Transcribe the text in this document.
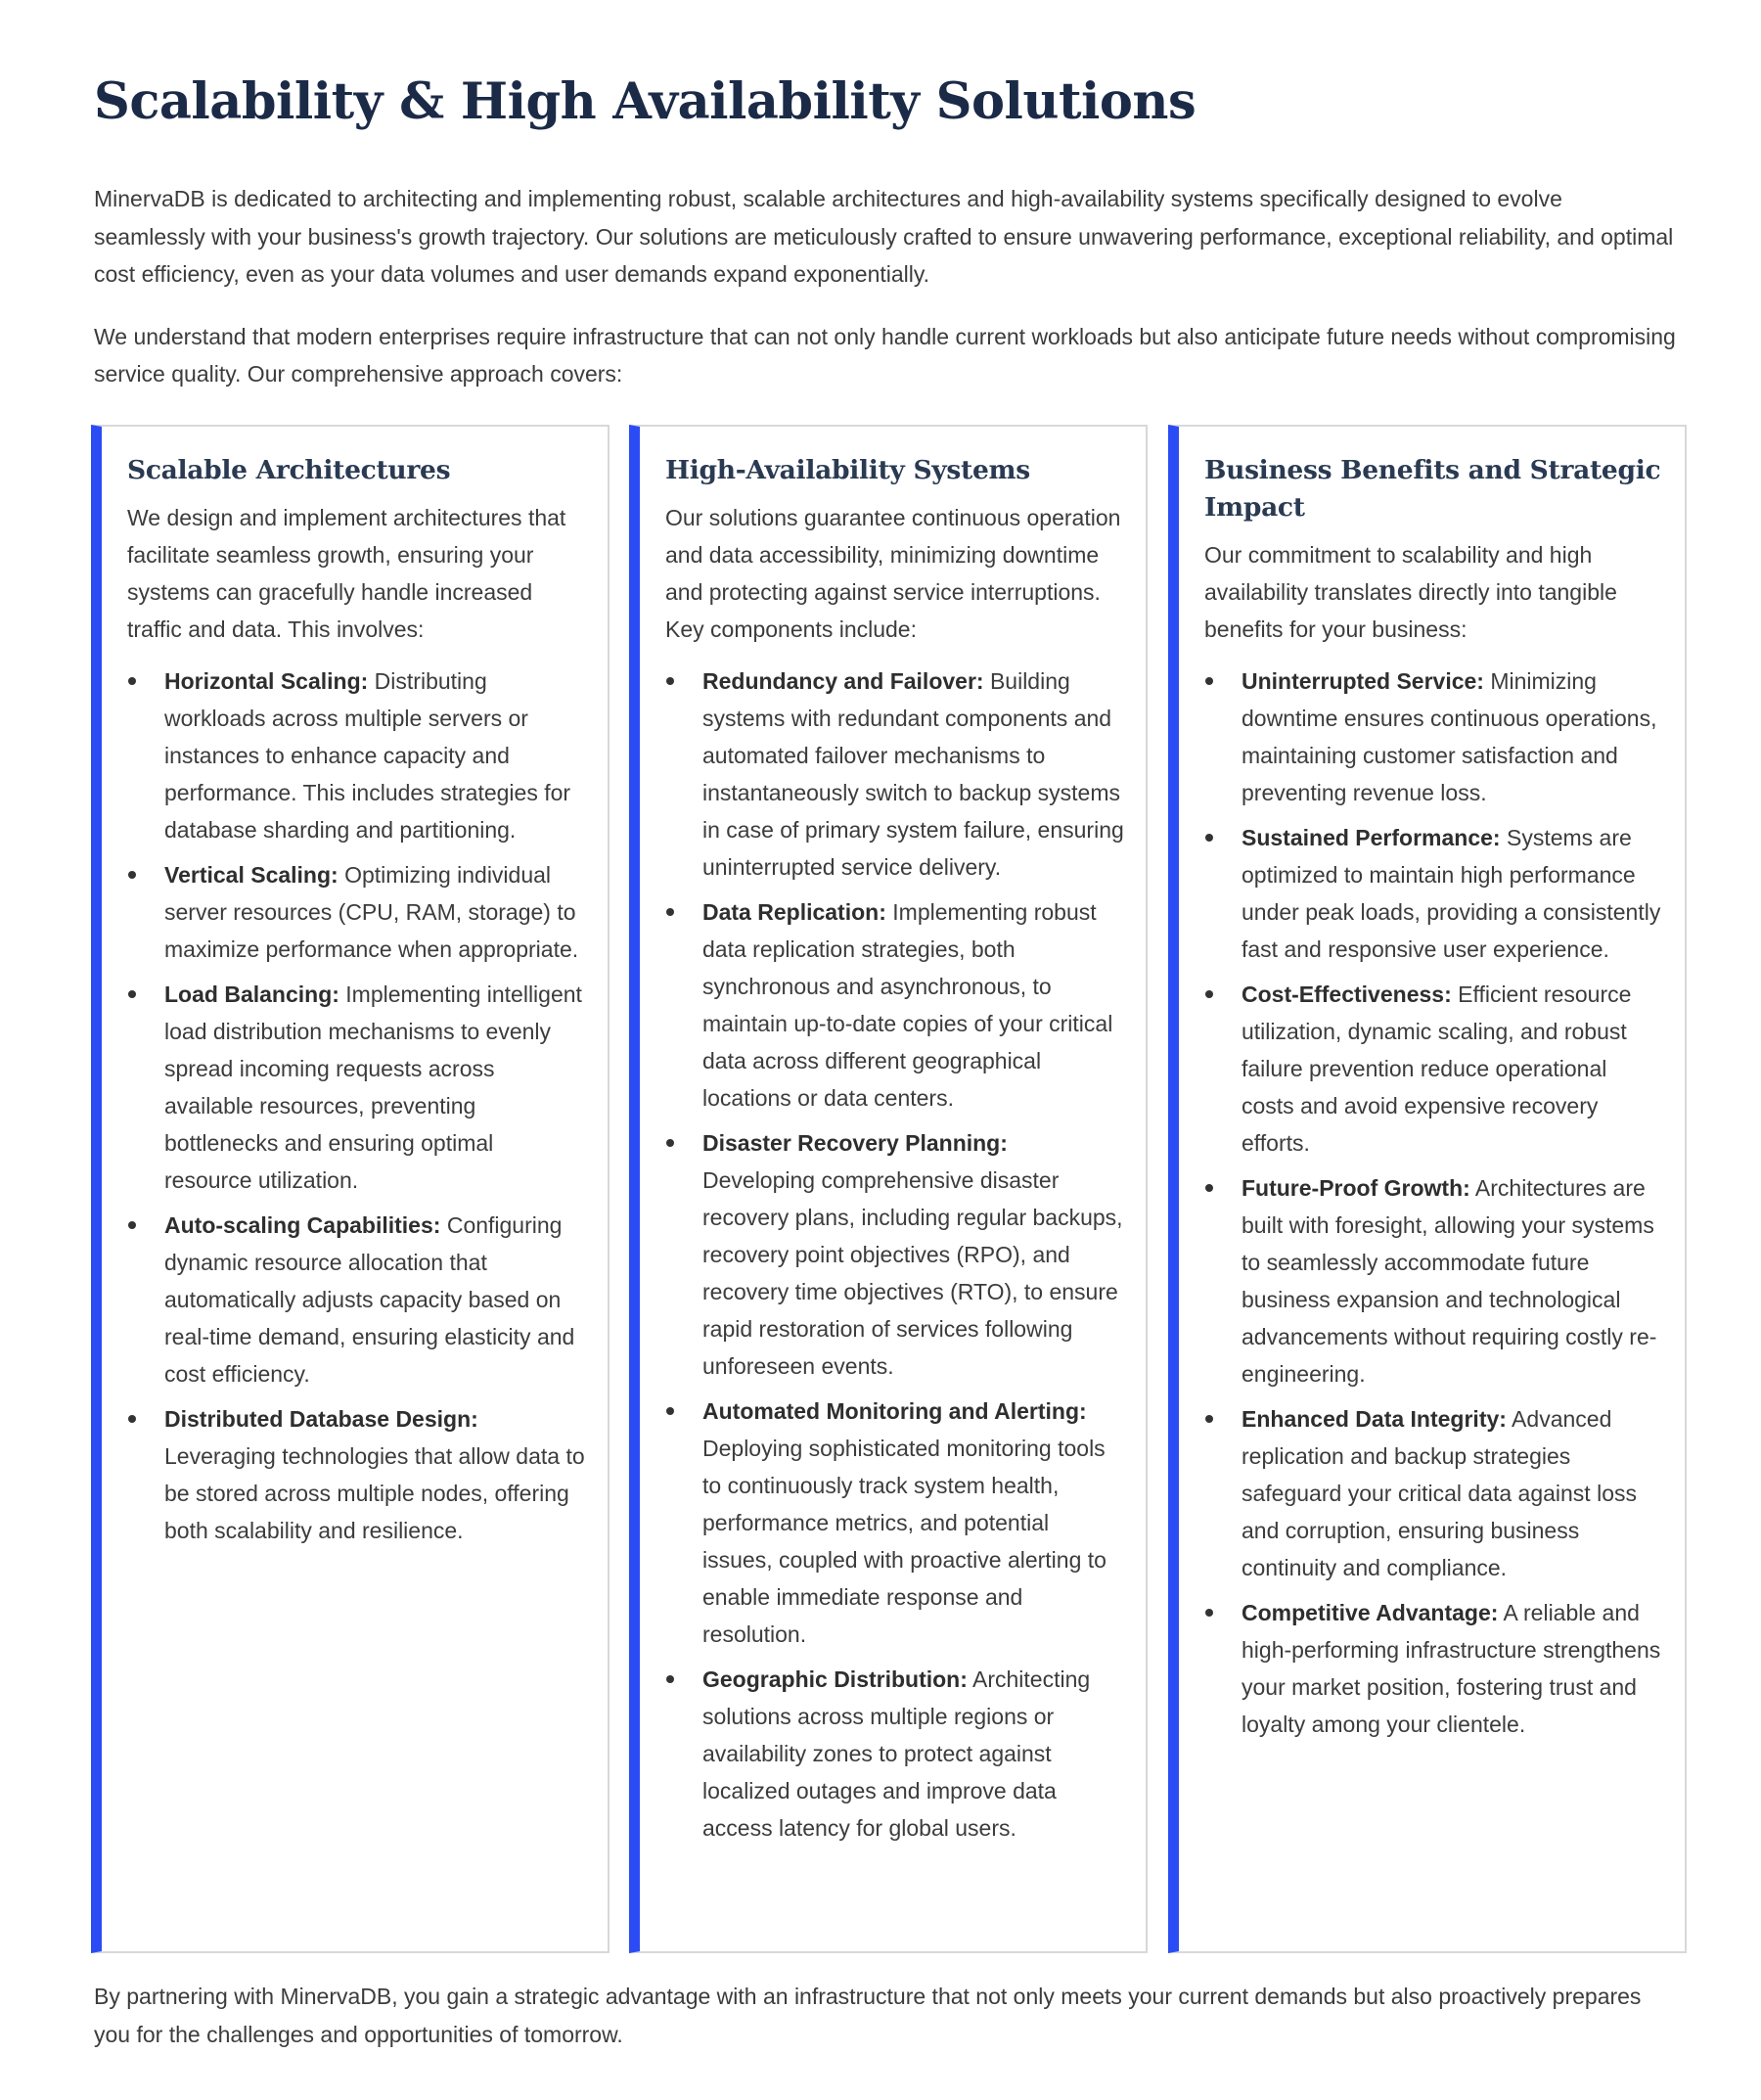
Scalability & High Availability Solutions

MinervaDB is dedicated to architecting and implementing robust, scalable architectures and high-availability systems specifically designed to evolve seamlessly with your business's growth trajectory. Our solutions are meticulously crafted to ensure unwavering performance, exceptional reliability, and optimal cost efficiency, even as your data volumes and user demands expand exponentially.

We understand that modern enterprises require infrastructure that can not only handle current workloads but also anticipate future needs without compromising service quality. Our comprehensive approach covers:

Scalable Architectures

We design and implement architectures that facilitate seamless growth, ensuring your systems can gracefully handle increased traffic and data. This involves:

Horizontal Scaling: Distributing workloads across multiple servers or instances to enhance capacity and performance. This includes strategies for database sharding and partitioning.
Vertical Scaling: Optimizing individual server resources (CPU, RAM, storage) to maximize performance when appropriate.
Load Balancing: Implementing intelligent load distribution mechanisms to evenly spread incoming requests across available resources, preventing bottlenecks and ensuring optimal resource utilization.
Auto-scaling Capabilities: Configuring dynamic resource allocation that automatically adjusts capacity based on real-time demand, ensuring elasticity and cost efficiency.
Distributed Database Design: Leveraging technologies that allow data to be stored across multiple nodes, offering both scalability and resilience.
High-Availability Systems

Our solutions guarantee continuous operation and data accessibility, minimizing downtime and protecting against service interruptions. Key components include:

Redundancy and Failover: Building systems with redundant components and automated failover mechanisms to instantaneously switch to backup systems in case of primary system failure, ensuring uninterrupted service delivery.
Data Replication: Implementing robust data replication strategies, both synchronous and asynchronous, to maintain up-to-date copies of your critical data across different geographical locations or data centers.
Disaster Recovery Planning: Developing comprehensive disaster recovery plans, including regular backups, recovery point objectives (RPO), and recovery time objectives (RTO), to ensure rapid restoration of services following unforeseen events.
Automated Monitoring and Alerting: Deploying sophisticated monitoring tools to continuously track system health, performance metrics, and potential issues, coupled with proactive alerting to enable immediate response and resolution.
Geographic Distribution: Architecting solutions across multiple regions or availability zones to protect against localized outages and improve data access latency for global users.
Business Benefits and Strategic Impact

Our commitment to scalability and high availability translates directly into tangible benefits for your business:

Uninterrupted Service: Minimizing downtime ensures continuous operations, maintaining customer satisfaction and preventing revenue loss.
Sustained Performance: Systems are optimized to maintain high performance under peak loads, providing a consistently fast and responsive user experience.
Cost-Effectiveness: Efficient resource utilization, dynamic scaling, and robust failure prevention reduce operational costs and avoid expensive recovery efforts.
Future-Proof Growth: Architectures are built with foresight, allowing your systems to seamlessly accommodate future business expansion and technological advancements without requiring costly re-engineering.
Enhanced Data Integrity: Advanced replication and backup strategies safeguard your critical data against loss and corruption, ensuring business continuity and compliance.
Competitive Advantage: A reliable and high-performing infrastructure strengthens your market position, fostering trust and loyalty among your clientele.

By partnering with MinervaDB, you gain a strategic advantage with an infrastructure that not only meets your current demands but also proactively prepares you for the challenges and opportunities of tomorrow.
